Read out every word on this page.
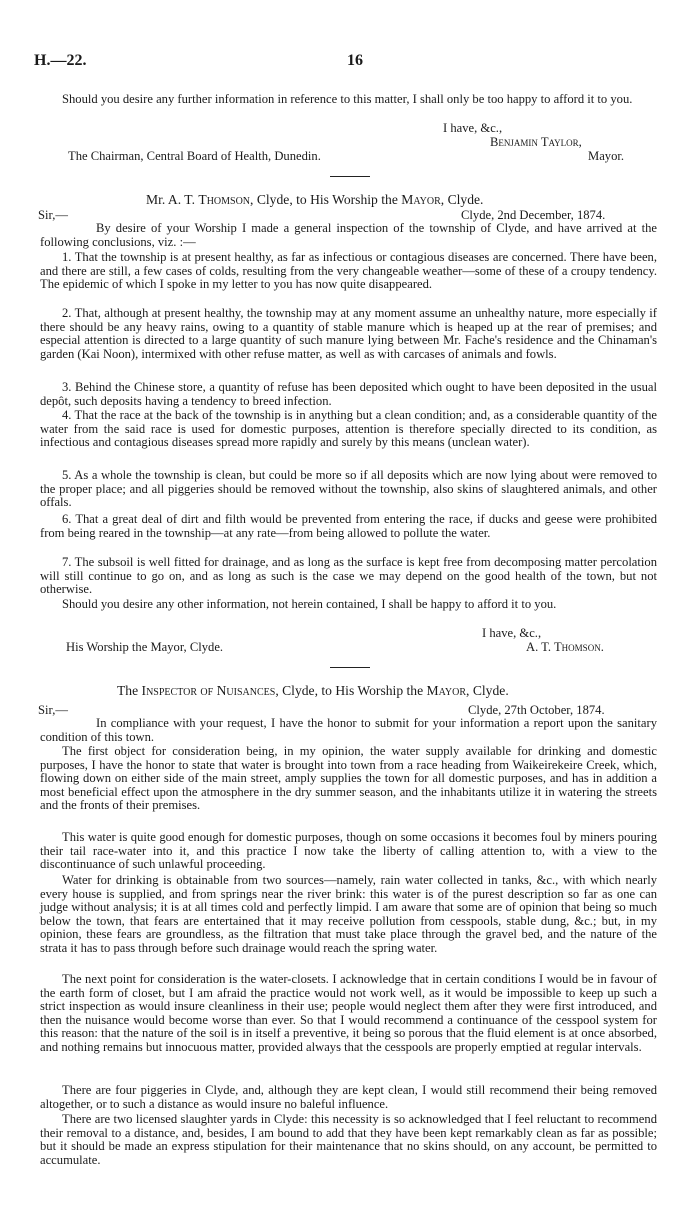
H.—22.	16
Should you desire any further information in reference to this matter, I shall only be too happy to afford it to you.
I have, &c.,
Benjamin Taylor,
The Chairman, Central Board of Health, Dunedin.	Mayor.
Mr. A. T. Thomson, Clyde, to His Worship the Mayor, Clyde.
Sir,—	Clyde, 2nd December, 1874.
By desire of your Worship I made a general inspection of the township of Clyde, and have arrived at the following conclusions, viz. :—
1. That the township is at present healthy, as far as infectious or contagious diseases are concerned. There have been, and there are still, a few cases of colds, resulting from the very changeable weather—some of these of a croupy tendency. The epidemic of which I spoke in my letter to you has now quite disappeared.
2. That, although at present healthy, the township may at any moment assume an unhealthy nature, more especially if there should be any heavy rains, owing to a quantity of stable manure which is heaped up at the rear of premises; and especial attention is directed to a large quantity of such manure lying between Mr. Fache's residence and the Chinaman's garden (Kai Noon), intermixed with other refuse matter, as well as with carcases of animals and fowls.
3. Behind the Chinese store, a quantity of refuse has been deposited which ought to have been deposited in the usual depôt, such deposits having a tendency to breed infection.
4. That the race at the back of the township is in anything but a clean condition; and, as a considerable quantity of the water from the said race is used for domestic purposes, attention is therefore specially directed to its condition, as infectious and contagious diseases spread more rapidly and surely by this means (unclean water).
5. As a whole the township is clean, but could be more so if all deposits which are now lying about were removed to the proper place; and all piggeries should be removed without the township, also skins of slaughtered animals, and other offals.
6. That a great deal of dirt and filth would be prevented from entering the race, if ducks and geese were prohibited from being reared in the township—at any rate—from being allowed to pollute the water.
7. The subsoil is well fitted for drainage, and as long as the surface is kept free from decomposing matter percolation will still continue to go on, and as long as such is the case we may depend on the good health of the town, but not otherwise.
Should you desire any other information, not herein contained, I shall be happy to afford it to you.
I have, &c.,
His Worship the Mayor, Clyde.	A. T. Thomson.
The Inspector of Nuisances, Clyde, to His Worship the Mayor, Clyde.
Sir,—	Clyde, 27th October, 1874.
In compliance with your request, I have the honor to submit for your information a report upon the sanitary condition of this town.
The first object for consideration being, in my opinion, the water supply available for drinking and domestic purposes, I have the honor to state that water is brought into town from a race heading from Waikeirekeire Creek, which, flowing down on either side of the main street, amply supplies the town for all domestic purposes, and has in addition a most beneficial effect upon the atmosphere in the dry summer season, and the inhabitants utilize it in watering the streets and the fronts of their premises.
This water is quite good enough for domestic purposes, though on some occasions it becomes foul by miners pouring their tail race-water into it, and this practice I now take the liberty of calling attention to, with a view to the discontinuance of such unlawful proceeding.
Water for drinking is obtainable from two sources—namely, rain water collected in tanks, &c., with which nearly every house is supplied, and from springs near the river brink: this water is of the purest description so far as one can judge without analysis; it is at all times cold and perfectly limpid. I am aware that some are of opinion that being so much below the town, that fears are entertained that it may receive pollution from cesspools, stable dung, &c.; but, in my opinion, these fears are groundless, as the filtration that must take place through the gravel bed, and the nature of the strata it has to pass through before such drainage would reach the spring water.
The next point for consideration is the water-closets. I acknowledge that in certain conditions I would be in favour of the earth form of closet, but I am afraid the practice would not work well, as it would be impossible to keep up such a strict inspection as would insure cleanliness in their use; people would neglect them after they were first introduced, and then the nuisance would become worse than ever. So that I would recommend a continuance of the cesspool system for this reason: that the nature of the soil is in itself a preventive, it being so porous that the fluid element is at once absorbed, and nothing remains but innocuous matter, provided always that the cesspools are properly emptied at regular intervals.
There are four piggeries in Clyde, and, although they are kept clean, I would still recommend their being removed altogether, or to such a distance as would insure no baleful influence.
There are two licensed slaughter yards in Clyde: this necessity is so acknowledged that I feel reluctant to recommend their removal to a distance, and, besides, I am bound to add that they have been kept remarkably clean as far as possible; but it should be made an express stipulation for their maintenance that no skins should, on any account, be permitted to accumulate.
